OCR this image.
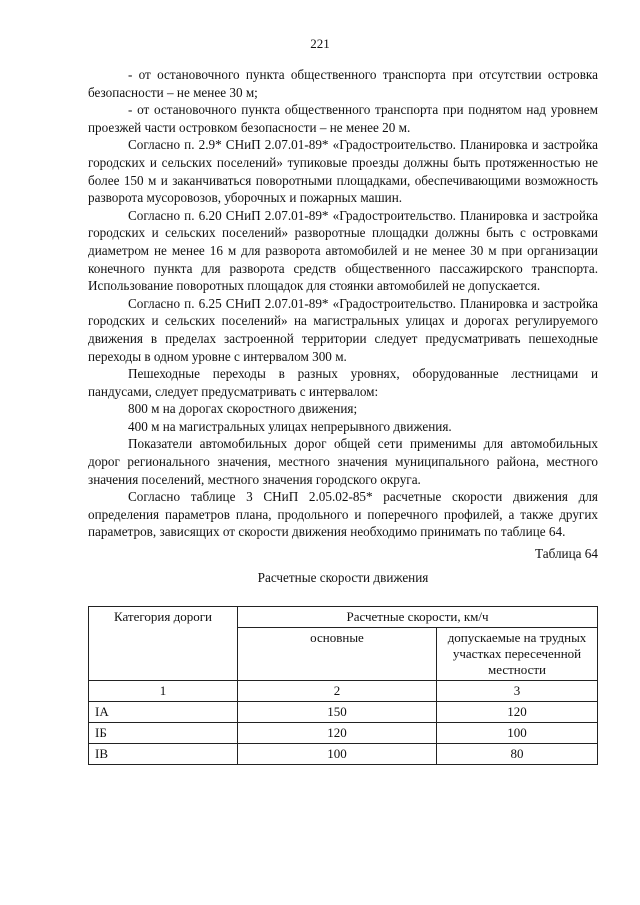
221

- от остановочного пункта общественного транспорта при отсутствии островка безопасности – не менее 30 м;

- от остановочного пункта общественного транспорта при поднятом над уровнем проезжей части островком безопасности – не менее 20 м.

Согласно п. 2.9* СНиП 2.07.01-89* «Градостроительство. Планировка и застройка городских и сельских поселений» тупиковые проезды должны быть протяженностью не более 150 м и заканчиваться поворотными площадками, обеспечивающими возможность разворота мусоровозов, уборочных и пожарных машин.

Согласно п. 6.20 СНиП 2.07.01-89* «Градостроительство. Планировка и застройка городских и сельских поселений» разворотные площадки должны быть с островками диаметром не менее 16 м для разворота автомобилей и не менее 30 м при организации конечного пункта для разворота средств общественного пассажирского транспорта. Использование поворотных площадок для стоянки автомобилей не допускается.

Согласно п. 6.25 СНиП 2.07.01-89* «Градостроительство. Планировка и застройка городских и сельских поселений» на магистральных улицах и дорогах регулируемого движения в пределах застроенной территории следует предусматривать пешеходные переходы в одном уровне с интервалом 300 м.

Пешеходные переходы в разных уровнях, оборудованные лестницами и пандусами, следует предусматривать с интервалом:

800 м на дорогах скоростного движения;

400 м на магистральных улицах непрерывного движения.

Показатели автомобильных дорог общей сети применимы для автомобильных дорог регионального значения, местного значения муниципального района, местного значения поселений, местного значения городского округа.

Согласно таблице 3 СНиП 2.05.02-85* расчетные скорости движения для определения параметров плана, продольного и поперечного профилей, а также других параметров, зависящих от скорости движения необходимо принимать по таблице 64.

Таблица 64
Расчетные скорости движения
Категория дороги	Расчетные скорости, км/ч	
	основные	допускаемые на трудных участках пересеченной местности
1	2	3
IА	150	120
IБ	120	100
IВ	100	80
